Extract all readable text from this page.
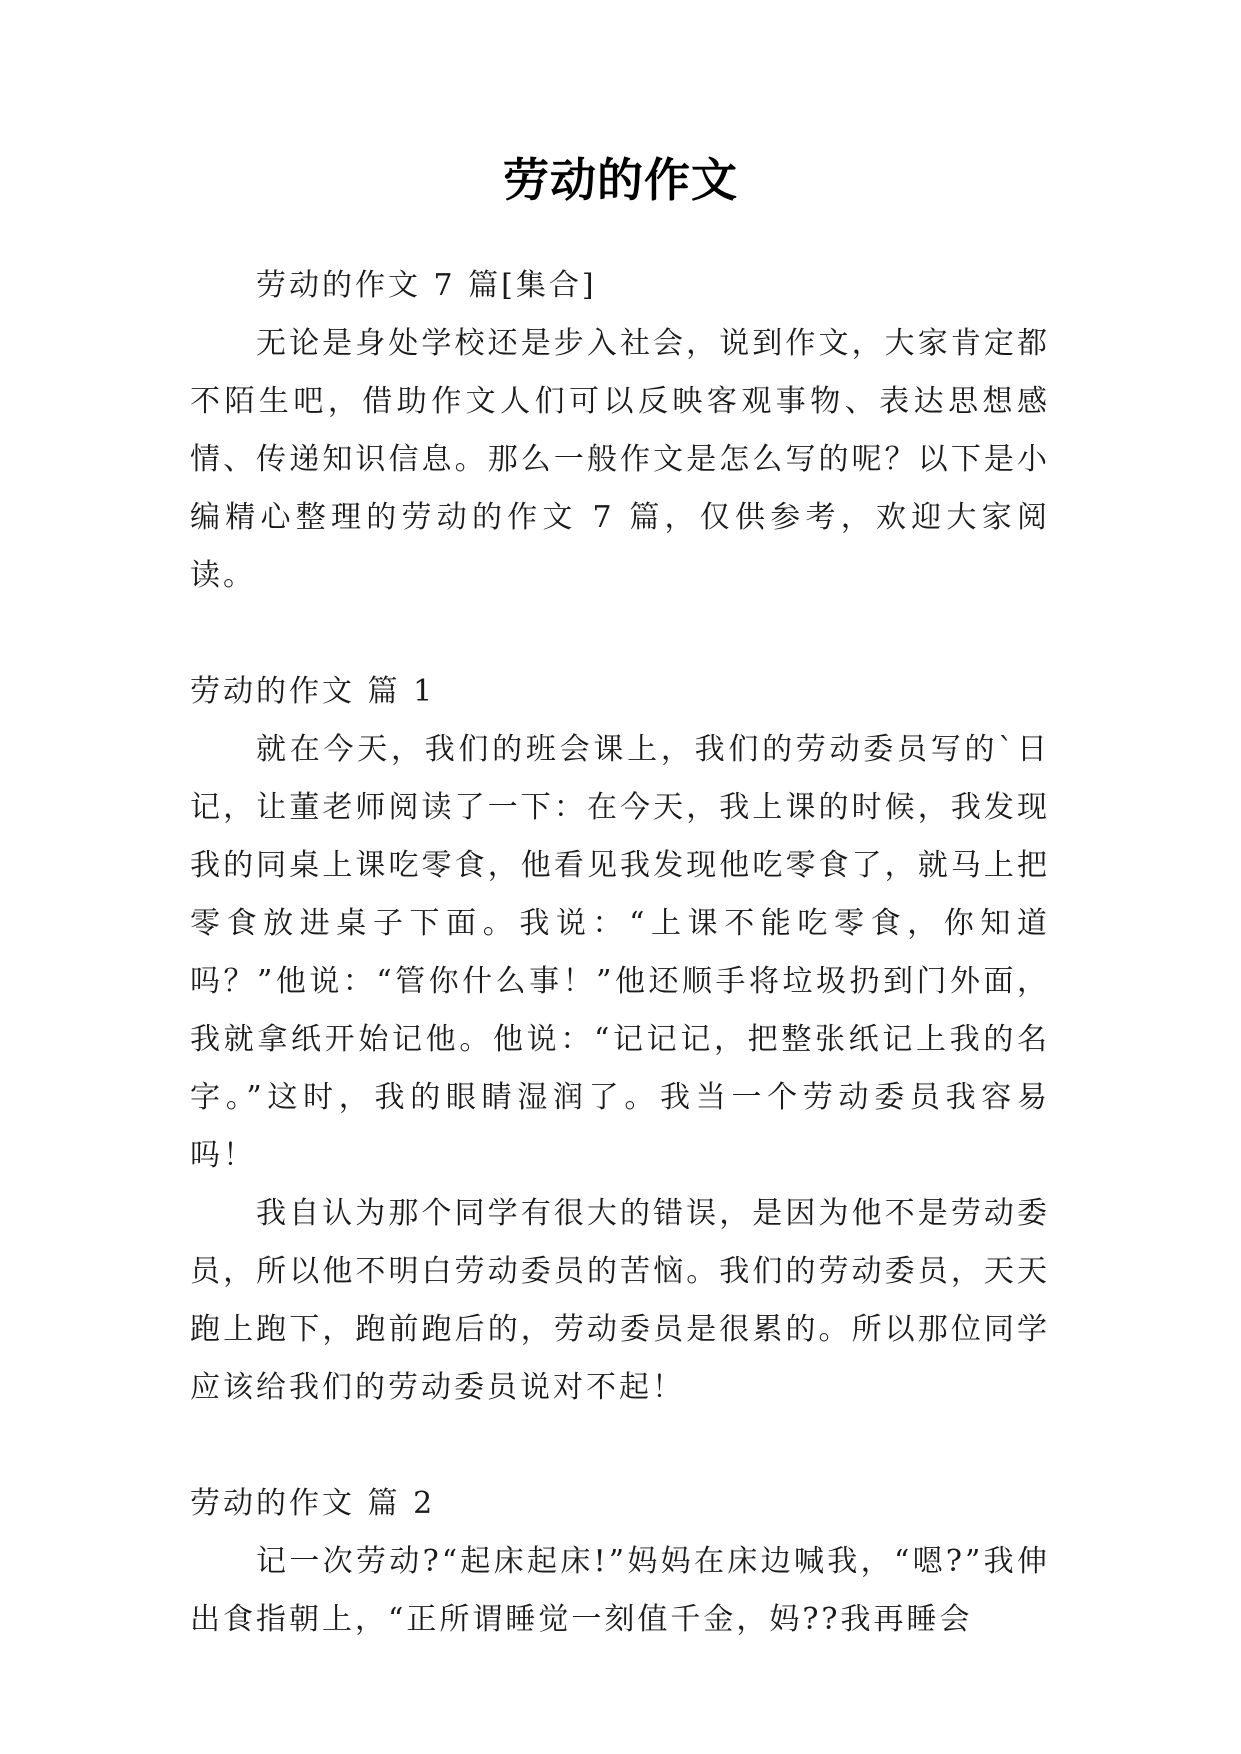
劳动的作文

劳动的作文 7 篇[集合]

无论是身处学校还是步入社会，说到作文，大家肯定都不陌生吧，借助作文人们可以反映客观事物、表达思想感情、传递知识信息。那么一般作文是怎么写的呢？以下是小编精心整理的劳动的作文 7 篇，仅供参考，欢迎大家阅读。

劳动的作文 篇 1

就在今天，我们的班会课上，我们的劳动委员写的`日记，让董老师阅读了一下：在今天，我上课的时候，我发现我的同桌上课吃零食，他看见我发现他吃零食了，就马上把零食放进桌子下面。我说：“上课不能吃零食，你知道吗？”他说：“管你什么事！”他还顺手将垃圾扔到门外面，我就拿纸开始记他。他说：“记记记，把整张纸记上我的名字。”这时，我的眼睛湿润了。我当一个劳动委员我容易吗！

我自认为那个同学有很大的错误，是因为他不是劳动委员，所以他不明白劳动委员的苦恼。我们的劳动委员，天天跑上跑下，跑前跑后的，劳动委员是很累的。所以那位同学应该给我们的劳动委员说对不起！

劳动的作文 篇 2

记一次劳动?“起床起床!”妈妈在床边喊我，“嗯?”我伸出食指朝上，“正所谓睡觉一刻值千金，妈??我再睡会
